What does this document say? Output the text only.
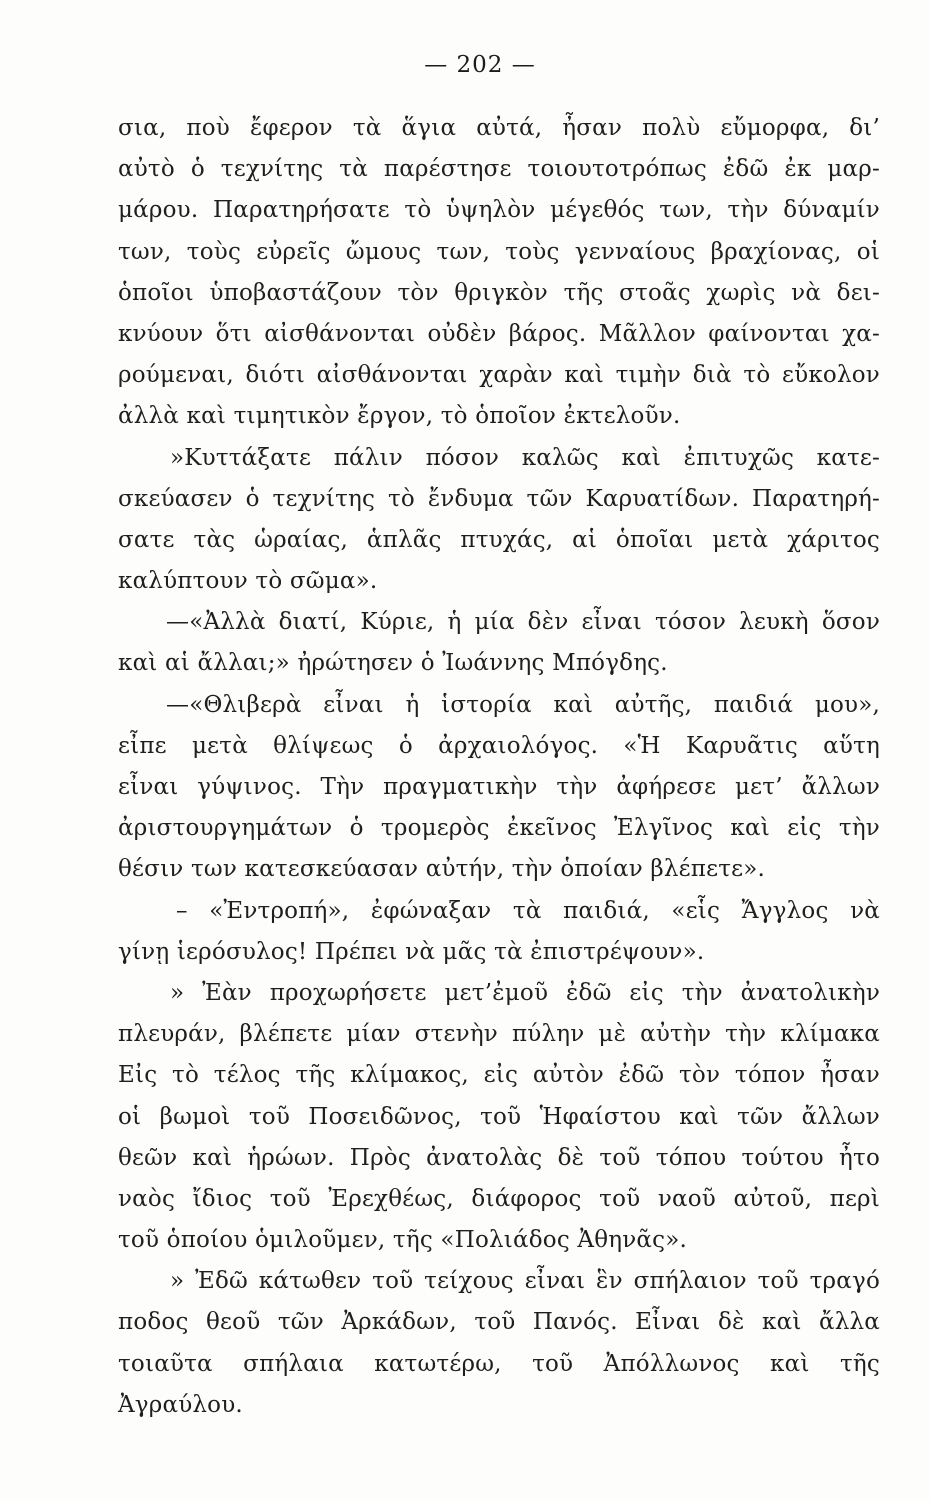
— 202 —
σια, ποὺ ἔφερον τὰ ἅγια αὐτά, ἦσαν πολὺ εὔμορφα, δι’
αὐτὸ ὁ τεχνίτης τὰ παρέστησε τοιουτοτρόπως ἐδῶ ἐκ μαρ-
μάρου. Παρατηρήσατε τὸ ὑψηλὸν μέγεθός των, τὴν δύναμίν
των, τοὺς εὐρεῖς ὤμους των, τοὺς γενναίους βραχίονας, οἱ
ὁποῖοι ὑποβαστάζουν τὸν θριγκὸν τῆς στοᾶς χωρὶς νὰ δει-
κνύουν ὅτι αἰσθάνονται οὐδὲν βάρος. Μᾶλλον φαίνονται χα-
ρούμεναι, διότι αἰσθάνονται χαρὰν καὶ τιμὴν διὰ τὸ εὔκολον
ἀλλὰ καὶ τιμητικὸν ἔργον, τὸ ὁποῖον ἐκτελοῦν.
»Κυττάξατε πάλιν πόσον καλῶς καὶ ἐπιτυχῶς κατε-
σκεύασεν ὁ τεχνίτης τὸ ἔνδυμα τῶν Καρυατίδων. Παρατηρή-
σατε τὰς ὡραίας, ἁπλᾶς πτυχάς, αἱ ὁποῖαι μετὰ χάριτος
καλύπτουν τὸ σῶμα».
—«Ἀλλὰ διατί, Κύριε, ἡ μία δὲν εἶναι τόσον λευκὴ ὅσον
καὶ αἱ ἄλλαι;» ἠρώτησεν ὁ Ἰωάννης Μπόγδης.
—«Θλιβερὰ εἶναι ἡ ἱστορία καὶ αὐτῆς, παιδιά μου»,
εἶπε μετὰ θλίψεως ὁ ἀρχαιολόγος. «Ἡ Καρυᾶτις αὕτη
εἶναι γύψινος. Τὴν πραγματικὴν τὴν ἀφήρεσε μετ’ ἄλλων
ἀριστουργημάτων ὁ τρομερὸς ἐκεῖνος Ἐλγῖνος καὶ εἰς τὴν
θέσιν των κατεσκεύασαν αὐτήν, τὴν ὁποίαν βλέπετε».
– «Ἐντροπή», ἐφώναξαν τὰ παιδιά, «εἷς Ἄγγλος νὰ
γίνῃ ἱερόσυλος! Πρέπει νὰ μᾶς τὰ ἐπιστρέψουν».
» Ἐὰν προχωρήσετε μετ’ἐμοῦ ἐδῶ εἰς τὴν ἀνατολικὴν
πλευράν, βλέπετε μίαν στενὴν πύλην μὲ αὐτὴν τὴν κλίμακα
Εἰς τὸ τέλος τῆς κλίμακος, εἰς αὐτὸν ἐδῶ τὸν τόπον ἦσαν
οἱ βωμοὶ τοῦ Ποσειδῶνος, τοῦ Ἡφαίστου καὶ τῶν ἄλλων
θεῶν καὶ ἡρώων. Πρὸς ἀνατολὰς δὲ τοῦ τόπου τούτου ἦτο
ναὸς ἴδιος τοῦ Ἐρεχθέως, διάφορος τοῦ ναοῦ αὐτοῦ, περὶ
τοῦ ὁποίου ὁμιλοῦμεν, τῆς «Πολιάδος Ἀθηνᾶς».
» Ἐδῶ κάτωθεν τοῦ τείχους εἶναι ἓν σπήλαιον τοῦ τραγό
ποδος θεοῦ τῶν Ἀρκάδων, τοῦ Πανός. Εἶναι δὲ καὶ ἄλλα
τοιαῦτα σπήλαια κατωτέρω, τοῦ Ἀπόλλωνος καὶ τῆς
Ἀγραύλου.
